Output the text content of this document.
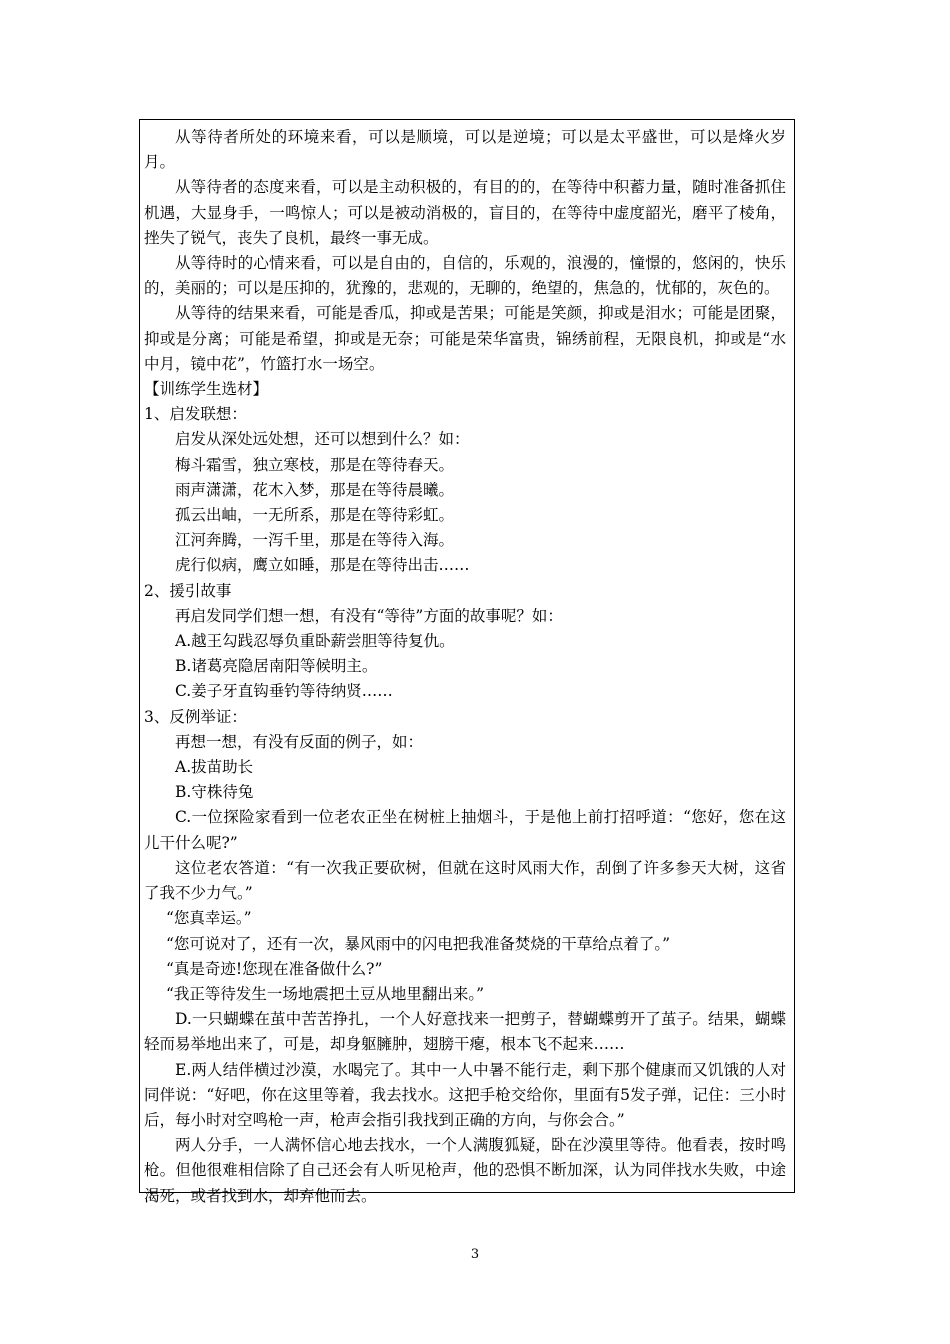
从等待者所处的环境来看，可以是顺境，可以是逆境；可以是太平盛世，可以是烽火岁月。

从等待者的态度来看，可以是主动积极的，有目的的，在等待中积蓄力量，随时准备抓住机遇，大显身手，一鸣惊人；可以是被动消极的，盲目的，在等待中虚度韶光，磨平了棱角，挫失了锐气，丧失了良机，最终一事无成。

从等待时的心情来看，可以是自由的，自信的，乐观的，浪漫的，憧憬的，悠闲的，快乐的，美丽的；可以是压抑的，犹豫的，悲观的，无聊的，绝望的，焦急的，忧郁的，灰色的。

从等待的结果来看，可能是香瓜，抑或是苦果；可能是笑颜，抑或是泪水；可能是团聚，抑或是分离；可能是希望，抑或是无奈；可能是荣华富贵，锦绣前程，无限良机，抑或是“水中月，镜中花”，竹篮打水一场空。

【训练学生选材】

1、启发联想：

启发从深处远处想，还可以想到什么？如：

梅斗霜雪，独立寒枝，那是在等待春天。

雨声潇潇，花木入梦，那是在等待晨曦。

孤云出岫，一无所系，那是在等待彩虹。

江河奔腾，一泻千里，那是在等待入海。

虎行似病，鹰立如睡，那是在等待出击……

2、援引故事

再启发同学们想一想，有没有“等待”方面的故事呢？如：

A.越王勾践忍辱负重卧薪尝胆等待复仇。

B.诸葛亮隐居南阳等候明主。

C.姜子牙直钩垂钓等待纳贤……

3、反例举证：

再想一想，有没有反面的例子，如：

A.拔苗助长

B.守株待兔

C.一位探险家看到一位老农正坐在树桩上抽烟斗，于是他上前打招呼道：“您好，您在这儿干什么呢?”

这位老农答道：“有一次我正要砍树，但就在这时风雨大作，刮倒了许多参天大树，这省了我不少力气。”

“您真幸运。”

“您可说对了，还有一次，暴风雨中的闪电把我准备焚烧的干草给点着了。”

“真是奇迹!您现在准备做什么?”

“我正等待发生一场地震把土豆从地里翻出来。”

D.一只蝴蝶在茧中苦苦挣扎，一个人好意找来一把剪子，替蝴蝶剪开了茧子。结果，蝴蝶轻而易举地出来了，可是，却身躯臃肿，翅膀干瘪，根本飞不起来……

E.两人结伴横过沙漠，水喝完了。其中一人中暑不能行走，剩下那个健康而又饥饿的人对同伴说：“好吧，你在这里等着，我去找水。这把手枪交给你，里面有5发子弹，记住：三小时后，每小时对空鸣枪一声，枪声会指引我找到正确的方向，与你会合。”

两人分手，一人满怀信心地去找水，一个人满腹狐疑，卧在沙漠里等待。他看表，按时鸣枪。但他很难相信除了自己还会有人听见枪声，他的恐惧不断加深，认为同伴找水失败，中途渴死，或者找到水，却弃他而去。

3
